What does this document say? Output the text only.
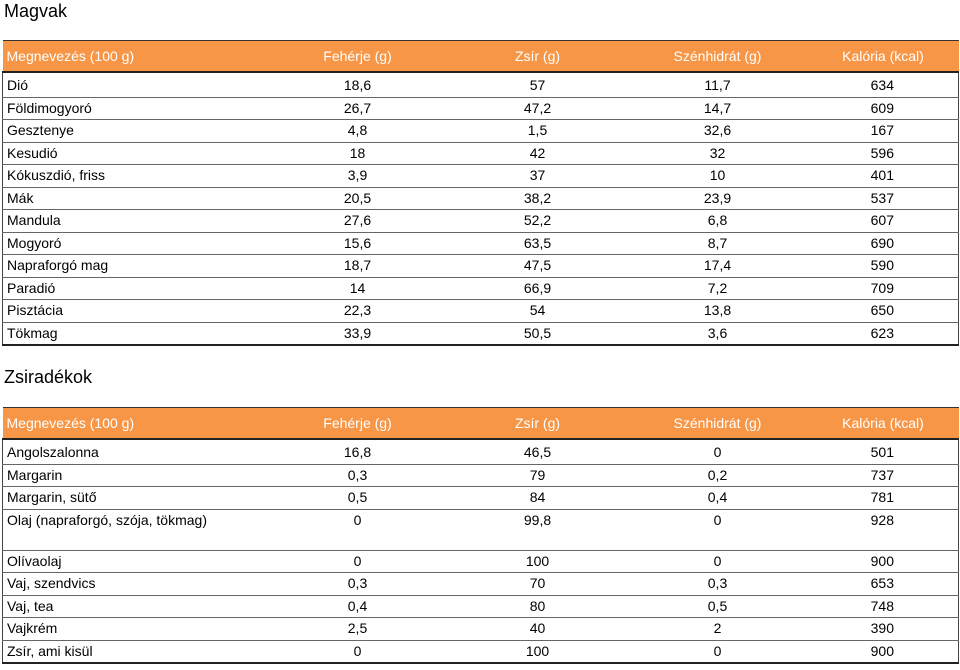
Magvak
Megnevezés (100 g)	Fehérje (g)	Zsír (g)	Szénhidrát (g)	Kalória (kcal)
Dió	18,6	57	11,7	634
Földimogyoró	26,7	47,2	14,7	609
Gesztenye	4,8	1,5	32,6	167
Kesudió	18	42	32	596
Kókuszdió, friss	3,9	37	10	401
Mák	20,5	38,2	23,9	537
Mandula	27,6	52,2	6,8	607
Mogyoró	15,6	63,5	8,7	690
Napraforgó mag	18,7	47,5	17,4	590
Paradió	14	66,9	7,2	709
Pisztácia	22,3	54	13,8	650
Tökmag	33,9	50,5	3,6	623
Zsiradékok
Megnevezés (100 g)	Fehérje (g)	Zsír (g)	Szénhidrát (g)	Kalória (kcal)
Angolszalonna	16,8	46,5	0	501
Margarin	0,3	79	0,2	737
Margarin, sütő	0,5	84	0,4	781
Olaj (napraforgó, szója, tökmag)	0	99,8	0	928
Olívaolaj	0	100	0	900
Vaj, szendvics	0,3	70	0,3	653
Vaj, tea	0,4	80	0,5	748
Vajkrém	2,5	40	2	390
Zsír, ami kisül	0	100	0	900
